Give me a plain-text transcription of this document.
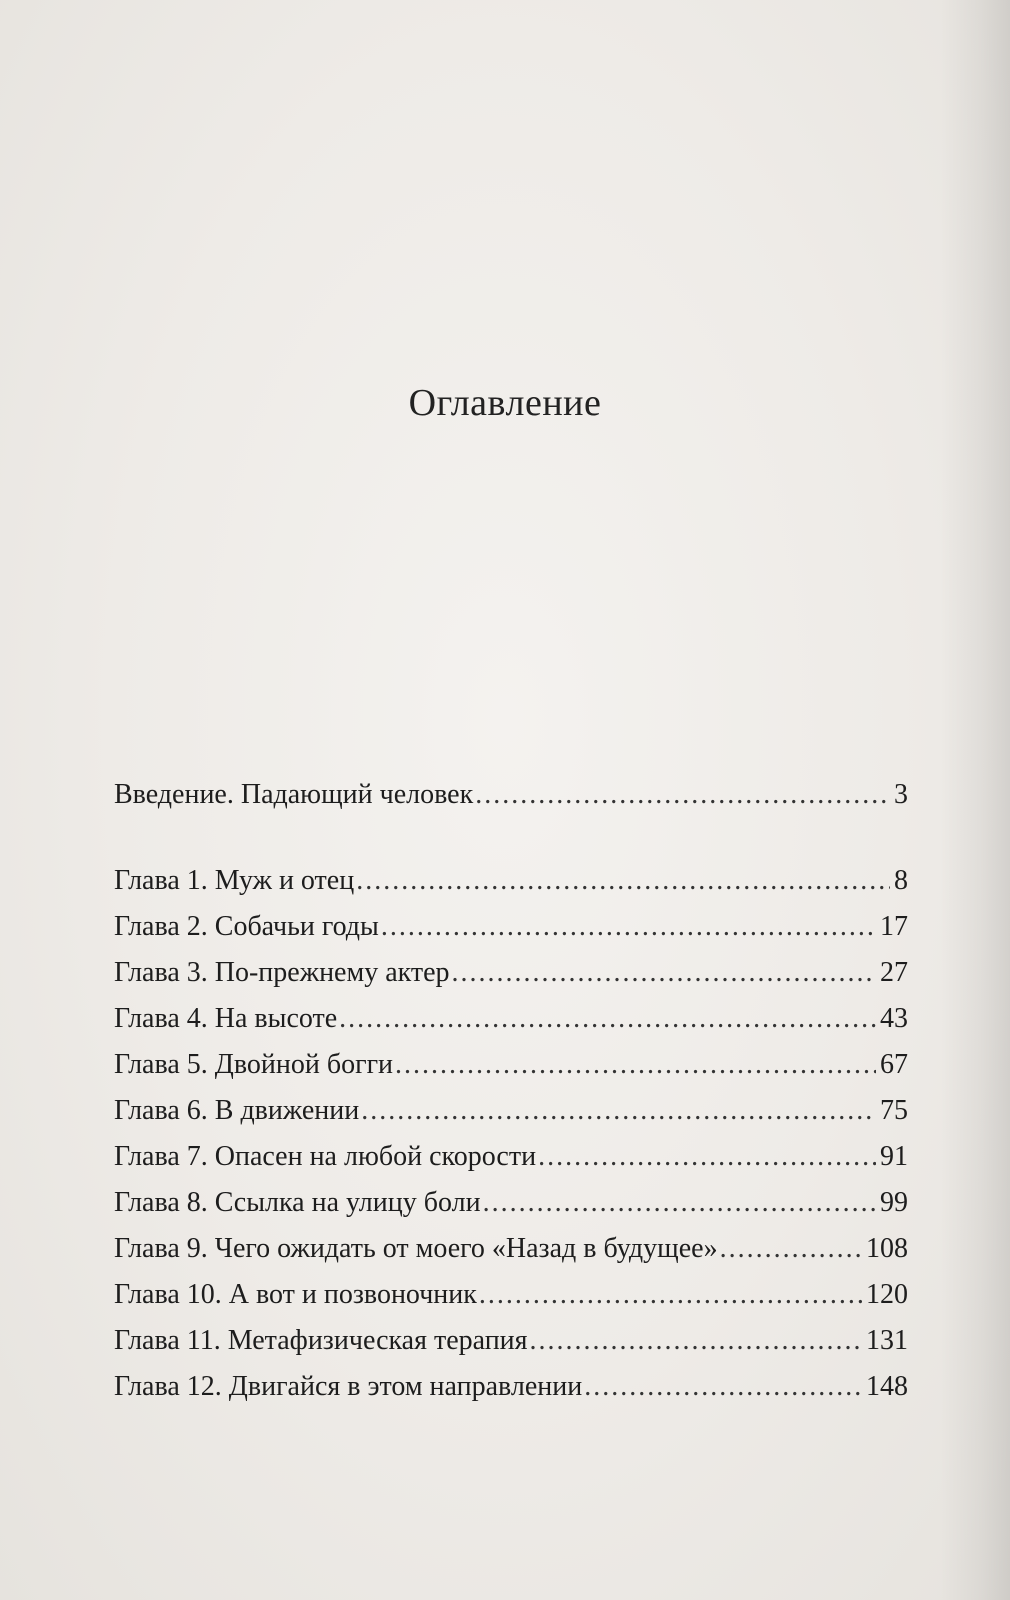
Оглавление
Введение. Падающий человек . . .	3
Глава 1. Муж и отец . . .	8
Глава 2. Собачьи годы . . .	17
Глава 3. По-прежнему актер . . .	27
Глава 4. На высоте . . .	43
Глава 5. Двойной богги . . .	67
Глава 6. В движении . . .	75
Глава 7. Опасен на любой скорости . . .	91
Глава 8. Ссылка на улицу боли . . .	99
Глава 9. Чего ожидать от моего «Назад в будущее» . . .	108
Глава 10. А вот и позвоночник . . .	120
Глава 11. Метафизическая терапия . . .	131
Глава 12. Двигайся в этом направлении . . .	148
